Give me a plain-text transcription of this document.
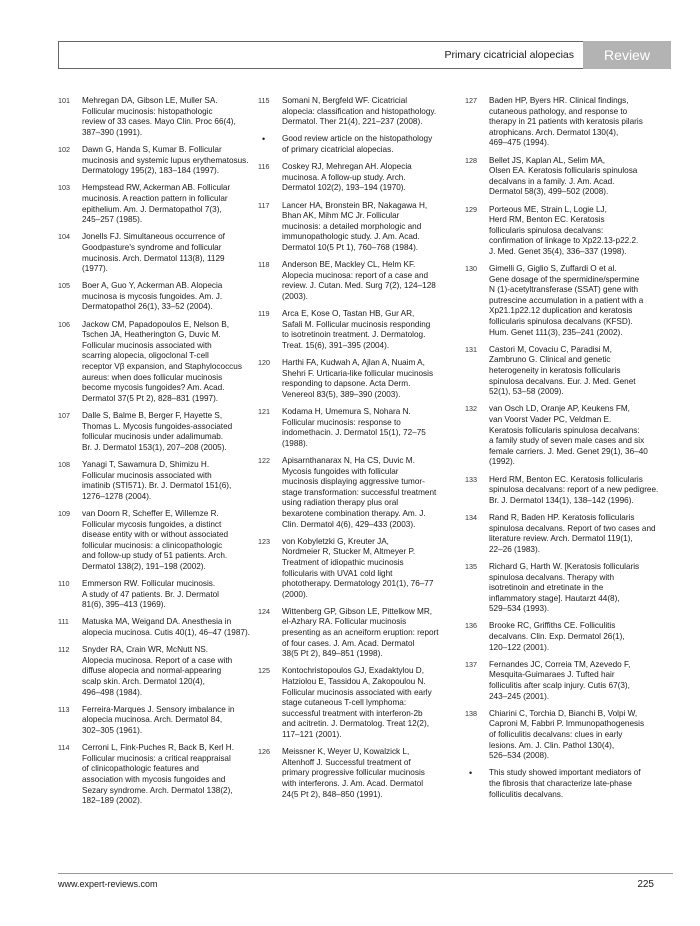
Primary cicatricial alopecias	Review
101 Mehregan DA, Gibson LE, Muller SA.
Follicular mucinosis: histopathologic
review of 33 cases. Mayo Clin. Proc 66(4),
387–390 (1991).
102 Dawn G, Handa S, Kumar B. Follicular
mucinosis and systemic lupus erythematosus.
Dermatology 195(2), 183–184 (1997).
103 Hempstead RW, Ackerman AB. Follicular
mucinosis. A reaction pattern in follicular
epithelium. Am. J. Dermatopathol 7(3),
245–257 (1985).
104 Jonells FJ. Simultaneous occurrence of
Goodpasture's syndrome and follicular
mucinosis. Arch. Dermatol 113(8), 1129
(1977).
105 Boer A, Guo Y, Ackerman AB. Alopecia
mucinosa is mycosis fungoides. Am. J.
Dermatopathol 26(1), 33–52 (2004).
106 Jackow CM, Papadopoulos E, Nelson B,
Tschen JA, Heatherington G, Duvic M.
Follicular mucinosis associated with
scarring alopecia, oligoclonal T-cell
receptor Vβ expansion, and Staphylococcus
aureus: when does follicular mucinosis
become mycosis fungoides? Am. Acad.
Dermatol 37(5 Pt 2), 828–831 (1997).
107 Dalle S, Balme B, Berger F, Hayette S,
Thomas L. Mycosis fungoides-associated
follicular mucinosis under adalimumab.
Br. J. Dermatol 153(1), 207–208 (2005).
108 Yanagi T, Sawamura D, Shimizu H.
Follicular mucinosis associated with
imatinib (STI571). Br. J. Dermatol 151(6),
1276–1278 (2004).
109 van Doorn R, Scheffer E, Willemze R.
Follicular mycosis fungoides, a distinct
disease entity with or without associated
follicular mucinosis: a clinicopathologic
and follow-up study of 51 patients. Arch.
Dermatol 138(2), 191–198 (2002).
110 Emmerson RW. Follicular mucinosis.
A study of 47 patients. Br. J. Dermatol
81(6), 395–413 (1969).
111 Matuska MA, Weigand DA. Anesthesia in
alopecia mucinosa. Cutis 40(1), 46–47 (1987).
112 Snyder RA, Crain WR, McNutt NS.
Alopecia mucinosa. Report of a case with
diffuse alopecia and normal-appearing
scalp skin. Arch. Dermatol 120(4),
496–498 (1984).
113 Ferreira-Marques J. Sensory imbalance in
alopecia mucinosa. Arch. Dermatol 84,
302–305 (1961).
114 Cerroni L, Fink-Puches R, Back B, Kerl H.
Follicular mucinosis: a critical reappraisal
of clinicopathologic features and
association with mycosis fungoides and
Sezary syndrome. Arch. Dermatol 138(2),
182–189 (2002).
115 Somani N, Bergfeld WF. Cicatricial
alopecia: classification and histopathology.
Dermatol. Ther 21(4), 221–237 (2008).
• Good review article on the histopathology
of primary cicatricial alopecias.
116 Coskey RJ, Mehregan AH. Alopecia
mucinosa. A follow-up study. Arch.
Dermatol 102(2), 193–194 (1970).
117 Lancer HA, Bronstein BR, Nakagawa H,
Bhan AK, Mihm MC Jr. Follicular
mucinosis: a detailed morphologic and
immunopathologic study. J. Am. Acad.
Dermatol 10(5 Pt 1), 760–768 (1984).
118 Anderson BE, Mackley CL, Helm KF.
Alopecia mucinosa: report of a case and
review. J. Cutan. Med. Surg 7(2), 124–128
(2003).
119 Arca E, Kose O, Tastan HB, Gur AR,
Safali M. Follicular mucinosis responding
to isotretinoin treatment. J. Dermatolog.
Treat. 15(6), 391–395 (2004).
120 Harthi FA, Kudwah A, Ajlan A, Nuaim A,
Shehri F. Urticaria-like follicular mucinosis
responding to dapsone. Acta Derm.
Venereol 83(5), 389–390 (2003).
121 Kodama H, Umemura S, Nohara N.
Follicular mucinosis: response to
indomethacin. J. Dermatol 15(1), 72–75
(1988).
122 Apisarnthanarax N, Ha CS, Duvic M.
Mycosis fungoides with follicular
mucinosis displaying aggressive tumor-
stage transformation: successful treatment
using radiation therapy plus oral
bexarotene combination therapy. Am. J.
Clin. Dermatol 4(6), 429–433 (2003).
123 von Kobyletzki G, Kreuter JA,
Nordmeier R, Stucker M, Altmeyer P.
Treatment of idiopathic mucinosis
follicularis with UVA1 cold light
phototherapy. Dermatology 201(1), 76–77
(2000).
124 Wittenberg GP, Gibson LE, Pittelkow MR,
el-Azhary RA. Follicular mucinosis
presenting as an acneiform eruption: report
of four cases. J. Am. Acad. Dermatol
38(5 Pt 2), 849–851 (1998).
125 Kontochristopoulos GJ, Exadaktylou D,
Hatziolou E, Tassidou A, Zakopoulou N.
Follicular mucinosis associated with early
stage cutaneous T-cell lymphoma:
successful treatment with interferon-2b
and acitretin. J. Dermatolog. Treat 12(2),
117–121 (2001).
126 Meissner K, Weyer U, Kowalzick L,
Altenhoff J. Successful treatment of
primary progressive follicular mucinosis
with interferons. J. Am. Acad. Dermatol
24(5 Pt 2), 848–850 (1991).
127 Baden HP, Byers HR. Clinical findings,
cutaneous pathology, and response to
therapy in 21 patients with keratosis pilaris
atrophicans. Arch. Dermatol 130(4),
469–475 (1994).
128 Bellet JS, Kaplan AL, Selim MA,
Olsen EA. Keratosis follicularis spinulosa
decalvans in a family. J. Am. Acad.
Dermatol 58(3), 499–502 (2008).
129 Porteous ME, Strain L, Logie LJ,
Herd RM, Benton EC. Keratosis
follicularis spinulosa decalvans:
confirmation of linkage to Xp22.13-p22.2.
J. Med. Genet 35(4), 336–337 (1998).
130 Gimelli G, Giglio S, Zuffardi O et al.
Gene dosage of the spermidine/spermine
N (1)-acetyltransferase (SSAT) gene with
putrescine accumulation in a patient with a
Xp21.1p22.12 duplication and keratosis
follicularis spinulosa decalvans (KFSD).
Hum. Genet 111(3), 235–241 (2002).
131 Castori M, Covaciu C, Paradisi M,
Zambruno G. Clinical and genetic
heterogeneity in keratosis follicularis
spinulosa decalvans. Eur. J. Med. Genet
52(1), 53–58 (2009).
132 van Osch LD, Oranje AP, Keukens FM,
van Voorst Vader PC, Veldman E.
Keratosis follicularis spinulosa decalvans:
a family study of seven male cases and six
female carriers. J. Med. Genet 29(1), 36–40
(1992).
133 Herd RM, Benton EC. Keratosis follicularis
spinulosa decalvans: report of a new pedigree.
Br. J. Dermatol 134(1), 138–142 (1996).
134 Rand R, Baden HP. Keratosis follicularis
spinulosa decalvans. Report of two cases and
literature review. Arch. Dermatol 119(1),
22–26 (1983).
135 Richard G, Harth W. [Keratosis follicularis
spinulosa decalvans. Therapy with
isotretinoin and etretinate in the
inflammatory stage]. Hautarzt 44(8),
529–534 (1993).
136 Brooke RC, Griffiths CE. Folliculitis
decalvans. Clin. Exp. Dermatol 26(1),
120–122 (2001).
137 Fernandes JC, Correia TM, Azevedo F,
Mesquita-Guimaraes J. Tufted hair
folliculitis after scalp injury. Cutis 67(3),
243–245 (2001).
138 Chiarini C, Torchia D, Bianchi B, Volpi W,
Caproni M, Fabbri P. Immunopathogenesis
of folliculitis decalvans: clues in early
lesions. Am. J. Clin. Pathol 130(4),
526–534 (2008).
• This study showed important mediators of
the fibrosis that characterize late-phase
folliculitis decalvans.
www.expert-reviews.com	225
